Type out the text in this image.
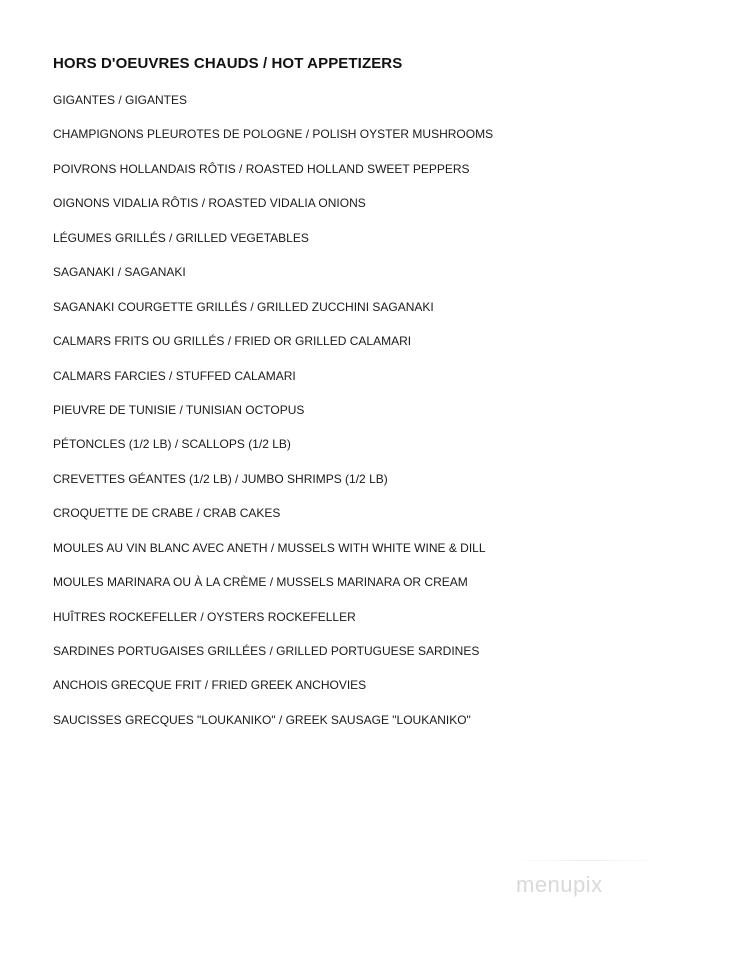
HORS D'OEUVRES CHAUDS / HOT APPETIZERS
GIGANTES / GIGANTES
CHAMPIGNONS PLEUROTES DE POLOGNE / POLISH OYSTER MUSHROOMS
POIVRONS HOLLANDAIS RÔTIS / ROASTED HOLLAND SWEET PEPPERS
OIGNONS VIDALIA RÔTIS / ROASTED VIDALIA ONIONS
LÉGUMES GRILLÉS / GRILLED VEGETABLES
SAGANAKI / SAGANAKI
SAGANAKI COURGETTE GRILLÉS / GRILLED ZUCCHINI SAGANAKI
CALMARS FRITS OU GRILLÉS / FRIED OR GRILLED CALAMARI
CALMARS FARCIES / STUFFED CALAMARI
PIEUVRE DE TUNISIE / TUNISIAN OCTOPUS
PÉTONCLES (1/2 LB) / SCALLOPS (1/2 LB)
CREVETTES GÉANTES (1/2 LB) / JUMBO SHRIMPS (1/2 LB)
CROQUETTE DE CRABE / CRAB CAKES
MOULES AU VIN BLANC AVEC ANETH / MUSSELS WITH WHITE WINE & DILL
MOULES MARINARA OU À LA CRÈME / MUSSELS MARINARA OR CREAM
HUÎTRES ROCKEFELLER / OYSTERS ROCKEFELLER
SARDINES PORTUGAISES GRILLÉES / GRILLED PORTUGUESE SARDINES
ANCHOIS GRECQUE FRIT / FRIED GREEK ANCHOVIES
SAUCISSES GRECQUES "LOUKANIKO" / GREEK SAUSAGE "LOUKANIKO"
menupix
